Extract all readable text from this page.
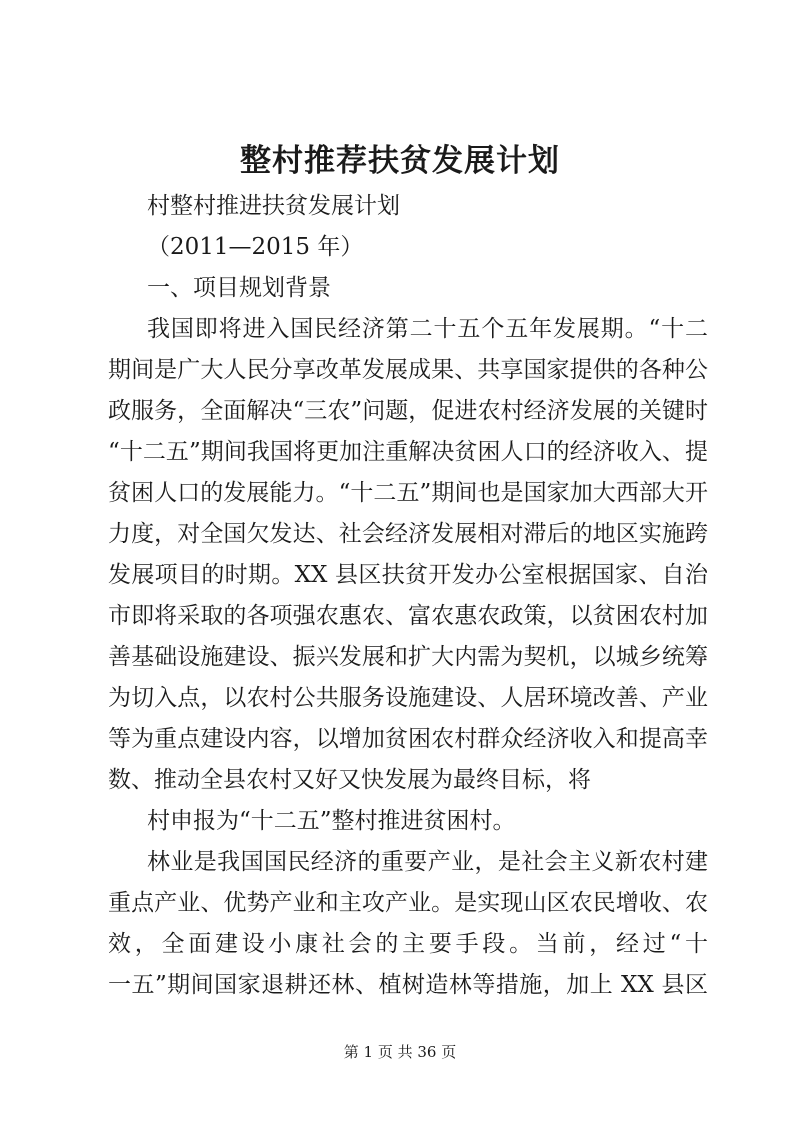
整村推荐扶贫发展计划

村整村推进扶贫发展计划

（2011—2015 年）

一、项目规划背景

我国即将进入国民经济第二十五个五年发展期。“十二

期间是广大人民分享改革发展成果、共享国家提供的各种公

政服务，全面解决“三农”问题，促进农村经济发展的关键时

“十二五”期间我国将更加注重解决贫困人口的经济收入、提

贫困人口的发展能力。“十二五”期间也是国家加大西部大开

力度，对全国欠发达、社会经济发展相对滞后的地区实施跨

发展项目的时期。XX 县区扶贫开发办公室根据国家、自治

市即将采取的各项强农惠农、富农惠农政策，以贫困农村加

善基础设施建设、振兴发展和扩大内需为契机，以城乡统筹

为切入点，以农村公共服务设施建设、人居环境改善、产业

等为重点建设内容，以增加贫困农村群众经济收入和提高幸

数、推动全县农村又好又快发展为最终目标，将

村申报为“十二五”整村推进贫困村。

林业是我国国民经济的重要产业，是社会主义新农村建

重点产业、优势产业和主攻产业。是实现山区农民增收、农

效，全面建设小康社会的主要手段。当前，经过“十

一五”期间国家退耕还林、植树造林等措施，加上 XX 县区

第 1 页 共 36 页
